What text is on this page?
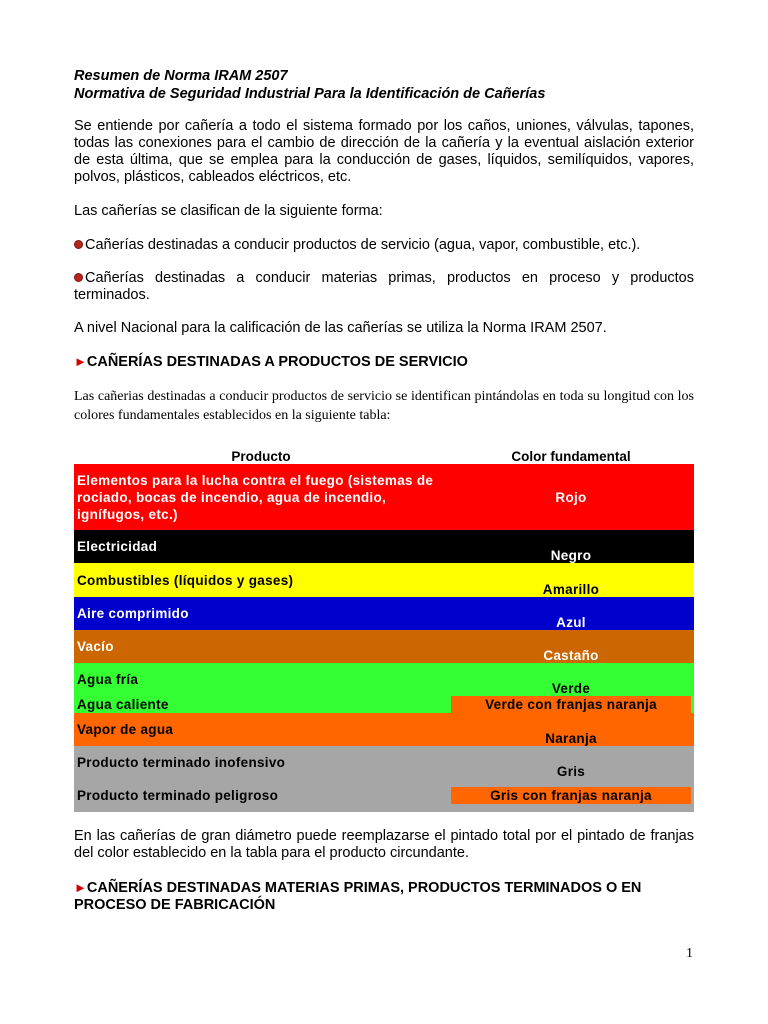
Resumen de Norma IRAM 2507
Normativa de Seguridad Industrial Para la Identificación de Cañerías
Se entiende por cañería a todo el sistema formado por los caños, uniones, válvulas, tapones, todas las conexiones para el cambio de dirección de la cañería y la eventual aislación exterior de esta última, que se emplea para la conducción de gases, líquidos, semilíquidos, vapores, polvos, plásticos, cableados eléctricos, etc.
Las cañerías se clasifican de la siguiente forma:
Cañerías destinadas a conducir productos de servicio (agua, vapor, combustible, etc.).
Cañerías destinadas a conducir materias primas, productos en proceso y productos terminados.
A nivel Nacional para la calificación de las cañerías se utiliza la Norma IRAM 2507.
►CAÑERÍAS DESTINADAS A PRODUCTOS DE SERVICIO
Las cañerias destinadas a conducir productos de servicio se identifican pintándolas en toda su longitud con los colores fundamentales establecidos en la siguiente tabla:
Producto	Color fundamental
Elementos para la lucha contra el fuego (sistemas de rociado, bocas de incendio, agua de incendio, ignífugos, etc.)	Rojo
Electricidad	Negro
Combustibles (líquidos y gases)	Amarillo
Aire comprimido	Azul
Vacío	Castaño
Agua fría	Verde
Agua caliente	Verde con franjas naranja
Vapor de agua	Naranja
Producto terminado inofensivo	Gris
Producto terminado peligroso	Gris con franjas naranja
En las cañerías de gran diámetro puede reemplazarse el pintado total por el pintado de franjas del color establecido en la tabla para el producto circundante.
►CAÑERÍAS DESTINADAS MATERIAS PRIMAS, PRODUCTOS TERMINADOS O EN PROCESO DE FABRICACIÓN
1
